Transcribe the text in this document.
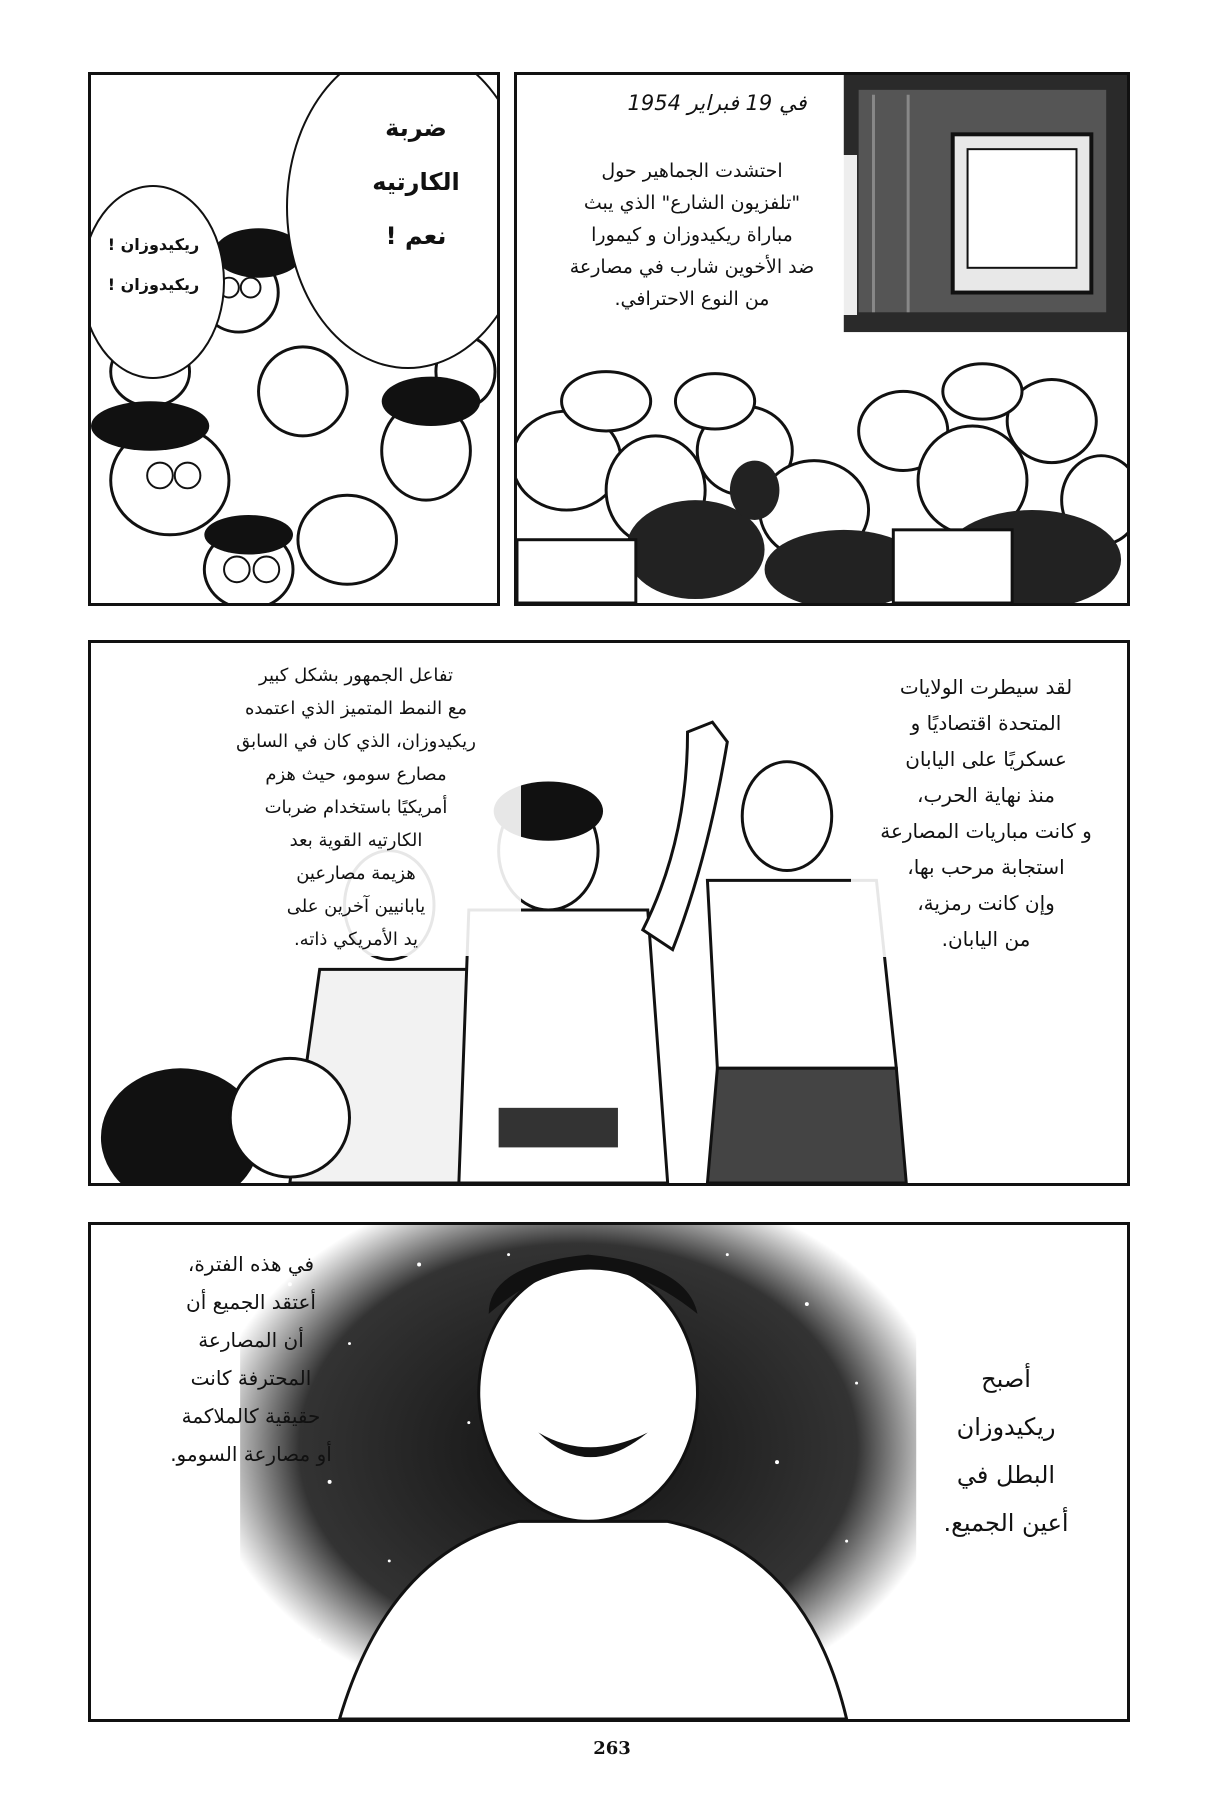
في 19 فبراير 1954
احتشدت الجماهير حول
"تلفزيون الشارع" الذي يبث
مباراة ريكيدوزان و كيمورا
ضد الأخوين شارب في مصارعة
من النوع الاحترافي.
ضربة
الكارتيه
نعم !
ريكيدوزان !
ريكيدوزان !
تفاعل الجمهور بشكل كبير
مع النمط المتميز الذي اعتمده
ريكيدوزان، الذي كان في السابق
مصارع سومو، حيث هزم
أمريكيًا باستخدام ضربات
الكارتيه القوية بعد
هزيمة مصارعين
يابانيين آخرين على
يد الأمريكي ذاته.
لقد سيطرت الولايات
المتحدة اقتصاديًا و
عسكريًا على اليابان
منذ نهاية الحرب،
و كانت مباريات المصارعة
استجابة مرحب بها،
وإن كانت رمزية،
من اليابان.
في هذه الفترة،
أعتقد الجميع أن
أن المصارعة
المحترفة كانت
حقيقية كالملاكمة
أو مصارعة السومو.
أصبح
ريكيدوزان
البطل في
أعين الجميع.
263
